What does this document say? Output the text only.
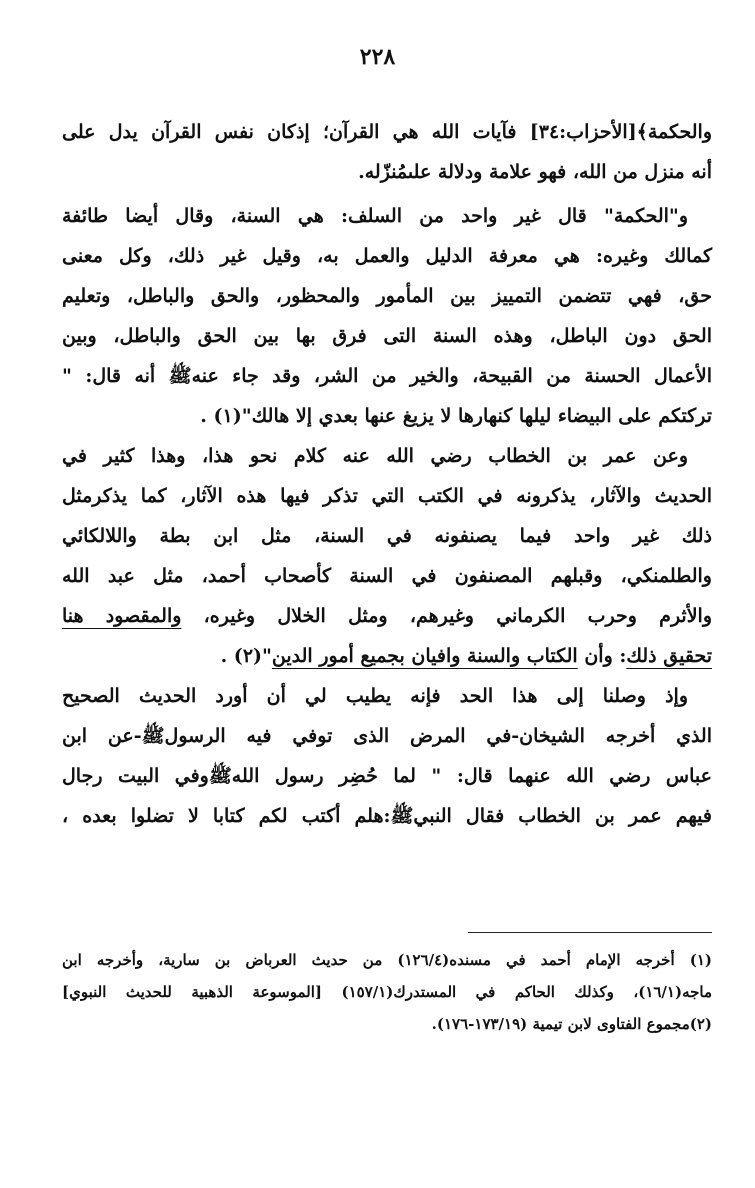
٢٢٨
والحكمة﴾[الأحزاب:٣٤] فآيات الله هي القرآن؛ إذكان نفس القرآن يدل على
أنه منزل من الله، فهو علامة ودلالة علىمُنزّله.
و"الحكمة" قال غير واحد من السلف: هي السنة، وقال أيضا طائفة
كمالك وغيره: هي معرفة الدليل والعمل به، وقيل غير ذلك، وكل معنى
حق، فهي تتضمن التمييز بين المأمور والمحظور، والحق والباطل، وتعليم
الحق دون الباطل، وهذه السنة التى فرق بها بين الحق والباطل، وبين
الأعمال الحسنة من القبيحة، والخير من الشر، وقد جاء عنهﷺ أنه قال: "
تركتكم على البيضاء ليلها كنهارها لا يزيغ عنها بعدي إلا هالك"(١) .
وعن عمر بن الخطاب رضي الله عنه كلام نحو هذا، وهذا كثير في
الحديث والآثار، يذكرونه في الكتب التي تذكر فيها هذه الآثار، كما يذكرمثل
ذلك غير واحد فيما يصنفونه في السنة، مثل ابن بطة واللالكائي
والطلمنكي، وقبلهم المصنفون في السنة كأصحاب أحمد، مثل عبد الله
والأثرم وحرب الكرماني وغيرهم، ومثل الخلال وغيره، والمقصود هنا
تحقيق ذلك: وأن الكتاب والسنة وافيان بجميع أمور الدين"(٢) .
وإذ وصلنا إلى هذا الحد فإنه يطيب لي أن أورد الحديث الصحيح
الذي أخرجه الشيخان-في المرض الذى توفي فيه الرسولﷺ-عن ابن
عباس رضي الله عنهما قال: " لما حُضِر رسول اللهﷺوفي البيت رجال
فيهم عمر بن الخطاب فقال النبيﷺ:هلم أكتب لكم كتابا لا تضلوا بعده ،
(١) أخرجه الإمام أحمد في مسنده(١٢٦/٤) من حديث العرباض بن سارية، وأخرجه ابن
ماجه(١٦/١)، وكذلك الحاكم في المستدرك(١٥٧/١) [الموسوعة الذهبية للحديث النبوي]
(٢)مجموع الفتاوى لابن تيمية (١٧٣/١٩-١٧٦).
